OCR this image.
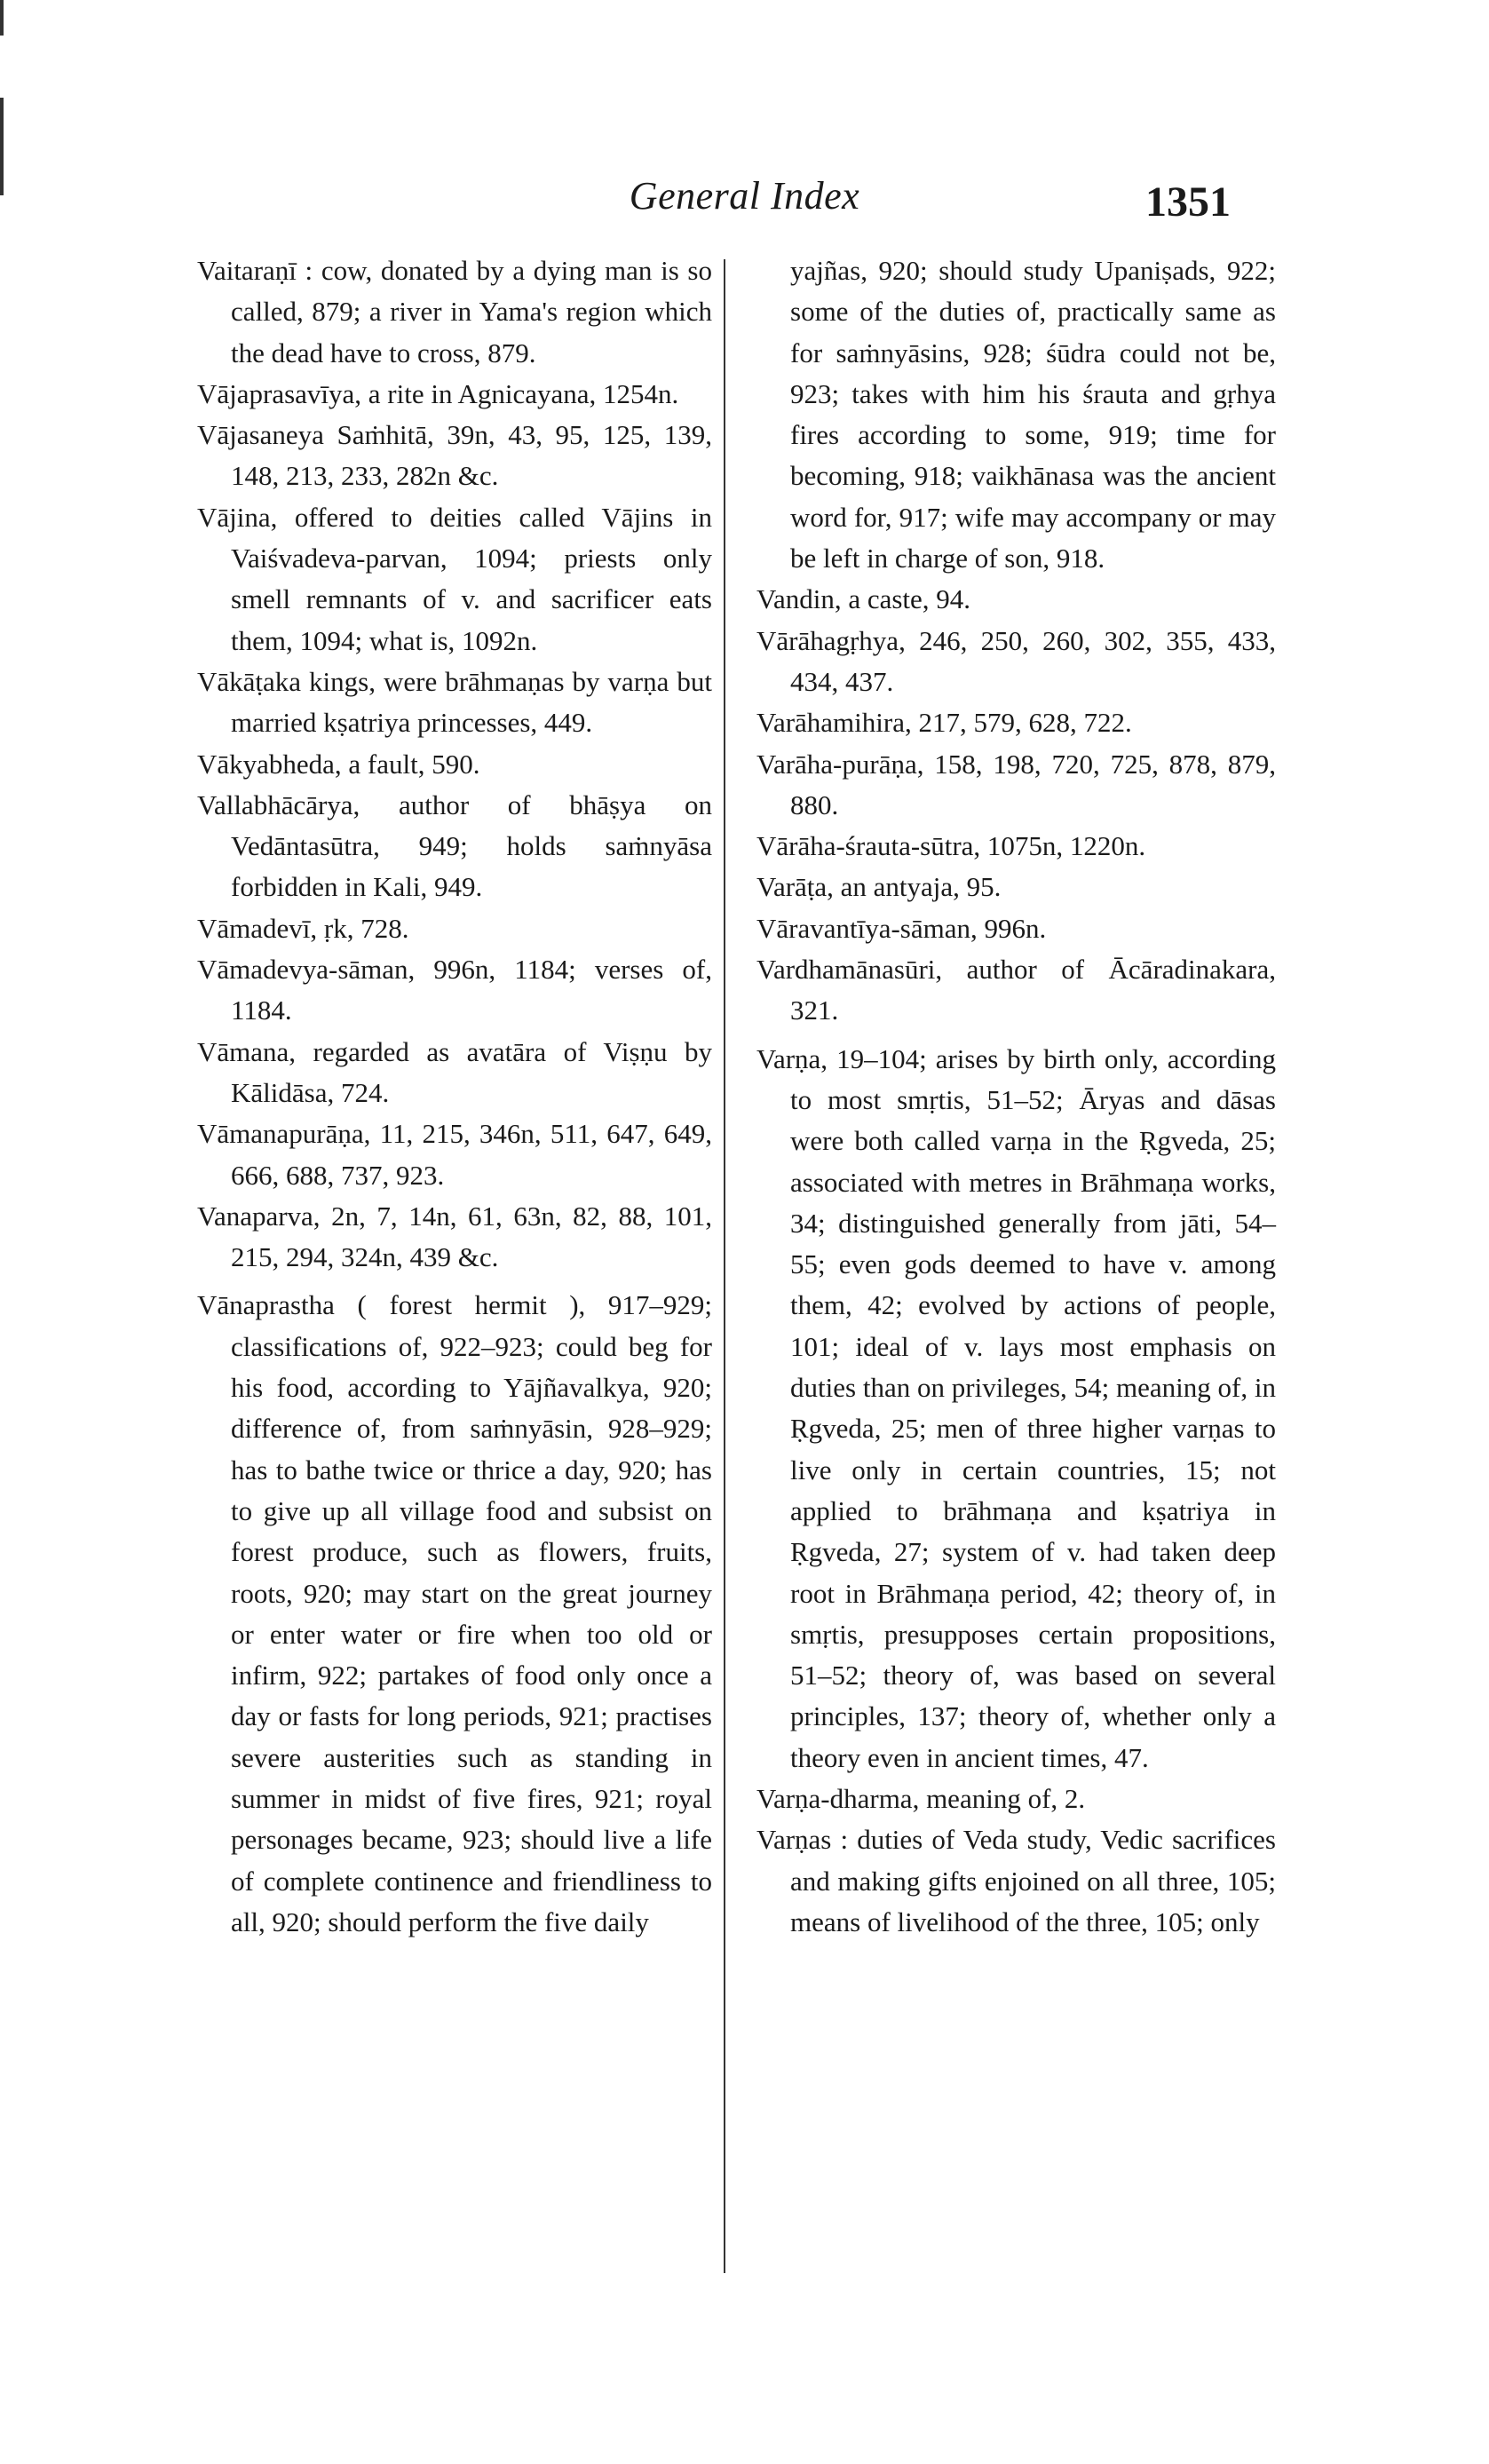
General Index	1351

Vaitaraṇī : cow, donated by a dying man is so called, 879; a river in Yama's region which the dead have to cross, 879.

Vājaprasavīya, a rite in Agnicayana, 1254n.

Vājasaneya Saṁhitā, 39n, 43, 95, 125, 139, 148, 213, 233, 282n &c.

Vājina, offered to deities called Vājins in Vaiśvadeva-parvan, 1094; priests only smell remnants of v. and sacrificer eats them, 1094; what is, 1092n.

Vākāṭaka kings, were brāhmaṇas by varṇa but married kṣatriya princesses, 449.

Vākyabheda, a fault, 590.

Vallabhācārya, author of bhāṣya on Vedāntasūtra, 949; holds saṁnyāsa forbidden in Kali, 949.

Vāmadevī, ṛk, 728.

Vāmadevya-sāman, 996n, 1184; verses of, 1184.

Vāmana, regarded as avatāra of Viṣṇu by Kālidāsa, 724.

Vāmanapurāṇa, 11, 215, 346n, 511, 647, 649, 666, 688, 737, 923.

Vanaparva, 2n, 7, 14n, 61, 63n, 82, 88, 101, 215, 294, 324n, 439 &c.

Vānaprastha ( forest hermit ), 917–929; classifications of, 922–923; could beg for his food, according to Yājñavalkya, 920; difference of, from saṁnyāsin, 928–929; has to bathe twice or thrice a day, 920; has to give up all village food and subsist on forest produce, such as flowers, fruits, roots, 920; may start on the great journey or enter water or fire when too old or infirm, 922; partakes of food only once a day or fasts for long periods, 921; practises severe austerities such as standing in summer in midst of five fires, 921; royal personages became, 923; should live a life of complete continence and friendliness to all, 920; should perform the five daily

yajñas, 920; should study Upaniṣads, 922; some of the duties of, practically same as for saṁnyāsins, 928; śūdra could not be, 923; takes with him his śrauta and gṛhya fires according to some, 919; time for becoming, 918; vaikhānasa was the ancient word for, 917; wife may accompany or may be left in charge of son, 918.

Vandin, a caste, 94.

Vārāhagṛhya, 246, 250, 260, 302, 355, 433, 434, 437.

Varāhamihira, 217, 579, 628, 722.

Varāha-purāṇa, 158, 198, 720, 725, 878, 879, 880.

Vārāha-śrauta-sūtra, 1075n, 1220n.

Varāṭa, an antyaja, 95.

Vāravantīya-sāman, 996n.

Vardhamānasūri, author of Ācāradinakara, 321.

Varṇa, 19–104; arises by birth only, according to most smṛtis, 51–52; Āryas and dāsas were both called varṇa in the Ṛgveda, 25; associated with metres in Brāhmaṇa works, 34; distinguished generally from jāti, 54–55; even gods deemed to have v. among them, 42; evolved by actions of people, 101; ideal of v. lays most emphasis on duties than on privileges, 54; meaning of, in Ṛgveda, 25; men of three higher varṇas to live only in certain countries, 15; not applied to brāhmaṇa and kṣatriya in Ṛgveda, 27; system of v. had taken deep root in Brāhmaṇa period, 42; theory of, in smṛtis, presupposes certain propositions, 51–52; theory of, was based on several principles, 137; theory of, whether only a theory even in ancient times, 47.

Varṇa-dharma, meaning of, 2.

Varṇas : duties of Veda study, Vedic sacrifices and making gifts enjoined on all three, 105; means of livelihood of the three, 105; only
